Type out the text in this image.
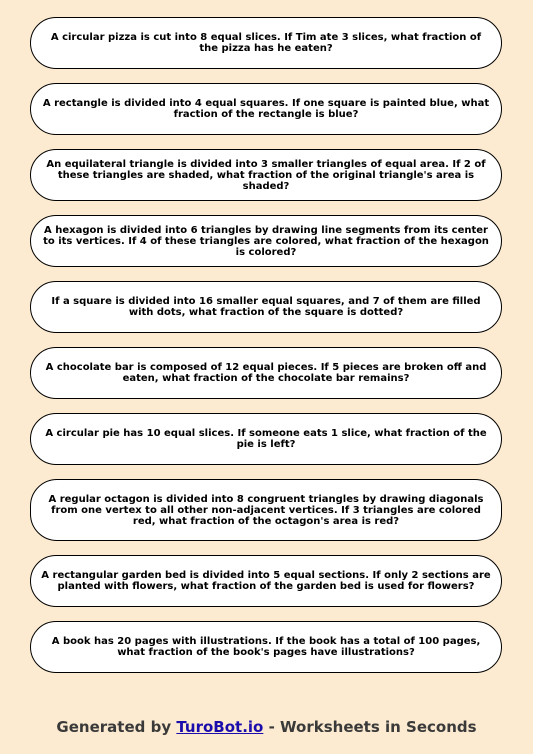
A circular pizza is cut into 8 equal slices. If Tim ate 3 slices, what fraction of the pizza has he eaten?
A rectangle is divided into 4 equal squares. If one square is painted blue, what fraction of the rectangle is blue?
An equilateral triangle is divided into 3 smaller triangles of equal area. If 2 of these triangles are shaded, what fraction of the original triangle's area is shaded?
A hexagon is divided into 6 triangles by drawing line segments from its center to its vertices. If 4 of these triangles are colored, what fraction of the hexagon is colored?
If a square is divided into 16 smaller equal squares, and 7 of them are filled with dots, what fraction of the square is dotted?
A chocolate bar is composed of 12 equal pieces. If 5 pieces are broken off and eaten, what fraction of the chocolate bar remains?
A circular pie has 10 equal slices. If someone eats 1 slice, what fraction of the pie is left?
A regular octagon is divided into 8 congruent triangles by drawing diagonals from one vertex to all other non-adjacent vertices. If 3 triangles are colored red, what fraction of the octagon's area is red?
A rectangular garden bed is divided into 5 equal sections. If only 2 sections are planted with flowers, what fraction of the garden bed is used for flowers?
A book has 20 pages with illustrations. If the book has a total of 100 pages, what fraction of the book's pages have illustrations?
Generated by TuroBot.io - Worksheets in Seconds
